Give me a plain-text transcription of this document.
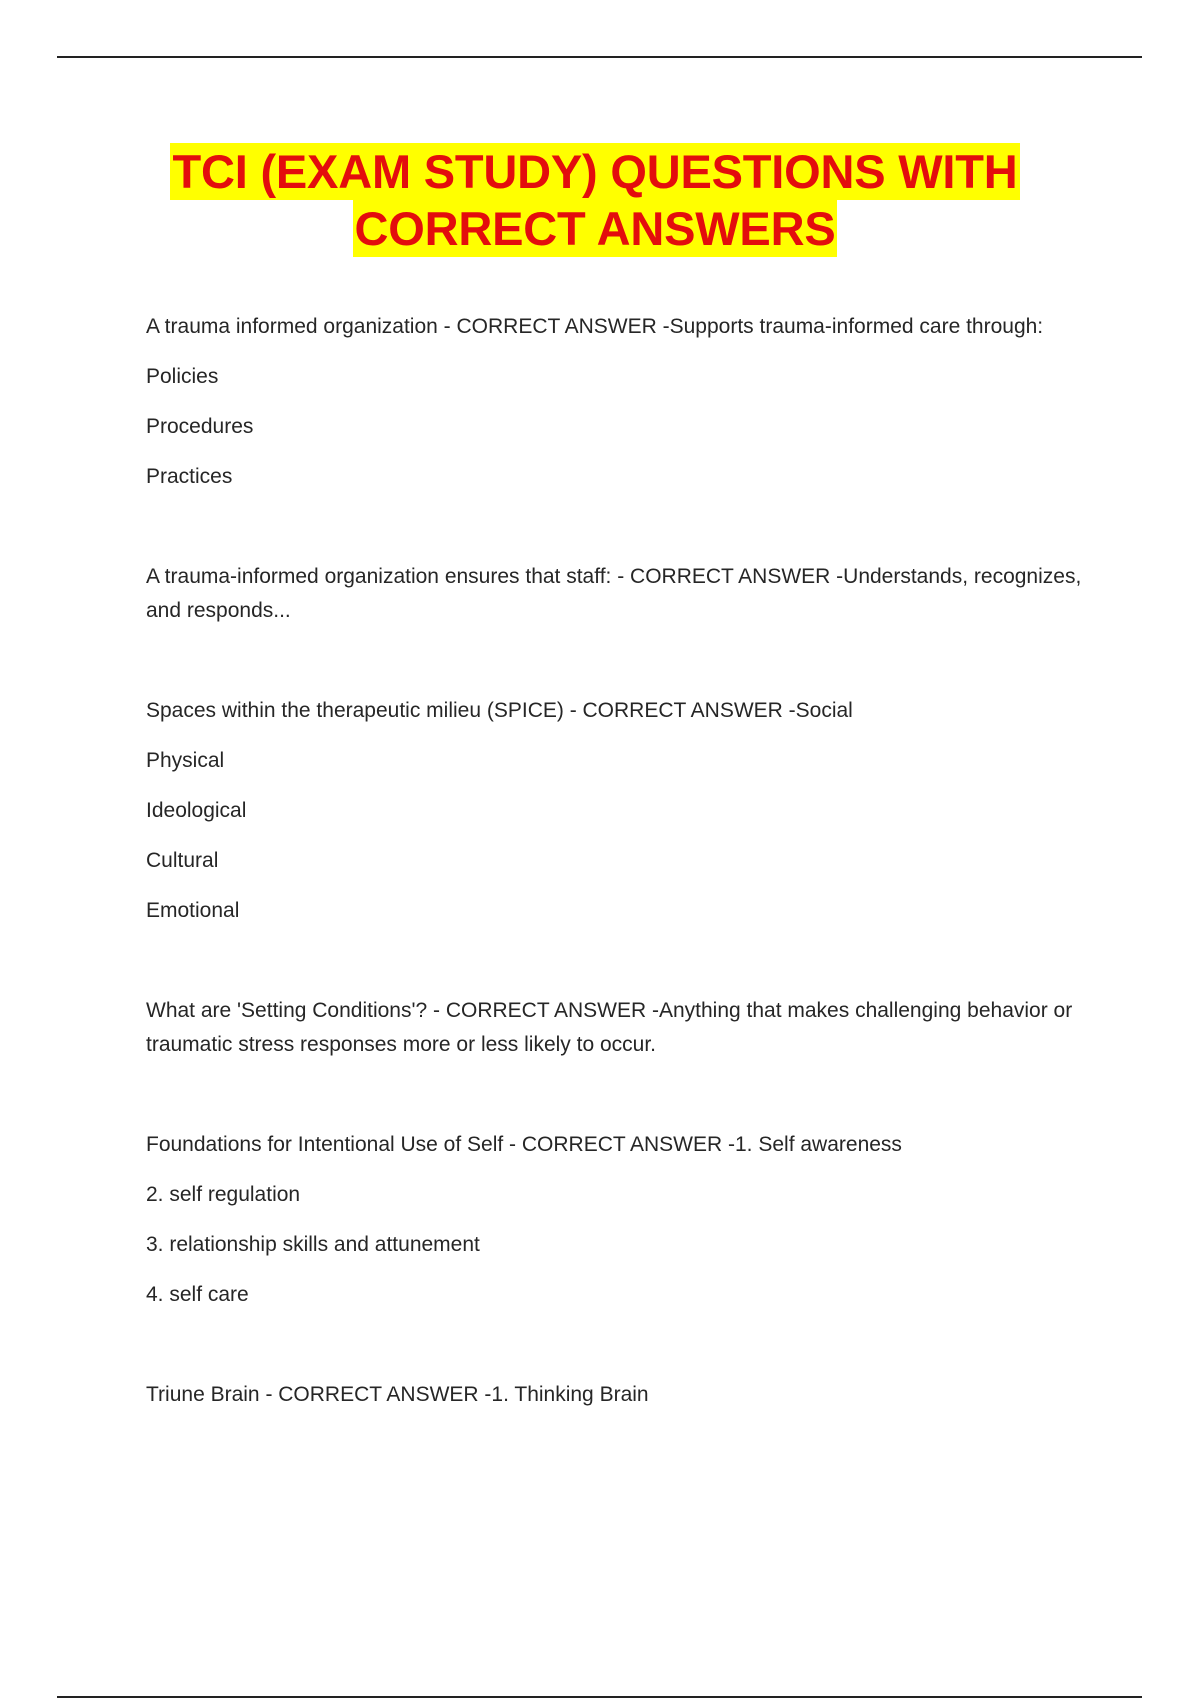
TCI (EXAM STUDY) QUESTIONS WITH
CORRECT ANSWERS

A trauma informed organization - CORRECT ANSWER -Supports trauma-informed care through:

Policies

Procedures

Practices

A trauma-informed organization ensures that staff: - CORRECT ANSWER -Understands, recognizes, and responds...

Spaces within the therapeutic milieu (SPICE) - CORRECT ANSWER -Social

Physical

Ideological

Cultural

Emotional

What are 'Setting Conditions'? - CORRECT ANSWER -Anything that makes challenging behavior or traumatic stress responses more or less likely to occur.

Foundations for Intentional Use of Self - CORRECT ANSWER -1. Self awareness

2. self regulation

3. relationship skills and attunement

4. self care

Triune Brain - CORRECT ANSWER -1. Thinking Brain
